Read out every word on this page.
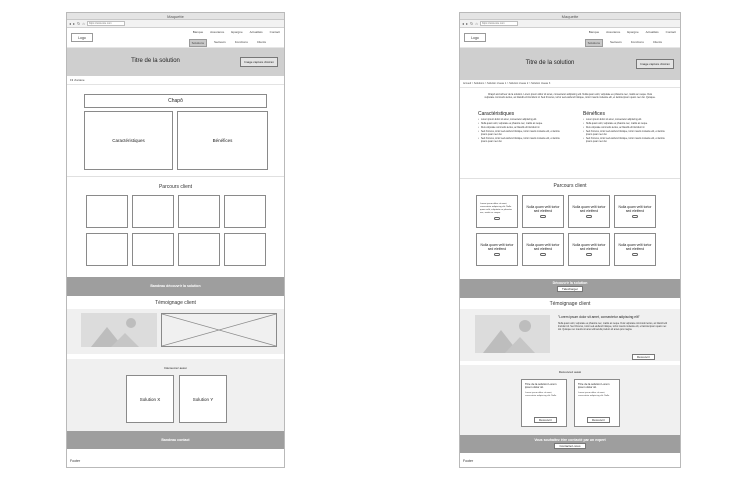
Maquette
◂ ▸ ↻ ⌂	https://www.site.com
Logo
Banque Assurance Epargne Actualités Contact
Solutions	Secteurs	Fonctions	Clients
Titre de la solution	Image capture d'écran
Fil d'ariane
Chapô
Caractéristiques	Bénéfices
Parcours client
Bandeau découvrir la solution
Témoignage client
Découvrez aussi
Solution X	Solution Y
Bandeau contact
Footer
Maquette
◂ ▸ ↻ ⌂	https://www.site.com
Logo
Banque Assurance Epargne Actualités Contact
Solutions	Secteurs	Fonctions	Clients
Titre de la solution	Image capture d'écran
Accueil > Solutions > Solution niveau 1 > Solution niveau 2 > Solution niveau 3
Chapô accrocheur de la solution. Lorem ipsum dolor sit amet, consectetur adipiscing elit. Nulla quam velit, vulputate eu pharetra nec, mattis ac neque. Duis vulputate commodo lectus, ac blandit elit tincidunt id. Sed rhoncus, tortor sed eleifend tristique, tortor mauris molestie elit, et lacinia ipsum quam nec dui. Quisque.
Caractéristiques
• Lorem ipsum dolor sit amet, consectetur adipiscing elit.
• Nulla quam velit, vulputate eu pharetra nec, mattis ac neque.
• Duis vulputate commodo lectus, ac blandit elit tincidunt id.
• Sed rhoncus, tortor sed eleifend tristique, tortor mauris molestie elit, et lacinia ipsum quam nec dui.
• Sed rhoncus, tortor sed eleifend tristique, tortor mauris molestie elit, et lacinia ipsum quam nec dui.
Bénéfices
• Lorem ipsum dolor sit amet, consectetur adipiscing elit.
• Nulla quam velit, vulputate eu pharetra nec, mattis ac neque.
• Duis vulputate commodo lectus, ac blandit elit tincidunt id.
• Sed rhoncus, tortor sed eleifend tristique, tortor mauris molestie elit, et lacinia ipsum quam nec dui.
• Sed rhoncus, tortor sed eleifend tristique, tortor mauris molestie elit, et lacinia ipsum quam nec dui.
Parcours client
Lorem ipsum dolor sit amet, consectetur adipiscing elit. Nulla quam velit, vulputate eu pharetra nec, mattis ac neque.
Nulla quam velit tortor sed eleifend
Nulla quam velit tortor sed eleifend
Nulla quam velit tortor sed eleifend
Nulla quam velit tortor sed eleifend
Nulla quam velit tortor sed eleifend
Nulla quam velit tortor sed eleifend
Nulla quam velit tortor sed eleifend
Découvrir la solution
Télécharger
Témoignage client
"Lorem ipsum dolor sit amet, consectetur adipiscing elit"
Nulla quam velit, vulputate eu pharetra nec, mattis ac neque. Duis vulputate commodo lectus, ac blandit elit tincidunt id. Sed rhoncus, tortor sed eleifend tristique, tortor mauris molestie elit, et lacinia ipsum quam nec dui. Quisque nec mauris sit amet elit iaculis pretium sit amet quis magna.
Découvrir
Découvrez aussi
Titre de la solution Lorem ipsum dolor sit.
Lorem ipsum dolor sit amet, consectetur adipiscing elit. Nulla
Découvrir
Titre de la solution Lorem ipsum dolor sit.
Lorem ipsum dolor sit amet, consectetur adipiscing elit. Nulla
Découvrir
Vous souhaitez être contacté par un expert
Contactez-nous
Footer
